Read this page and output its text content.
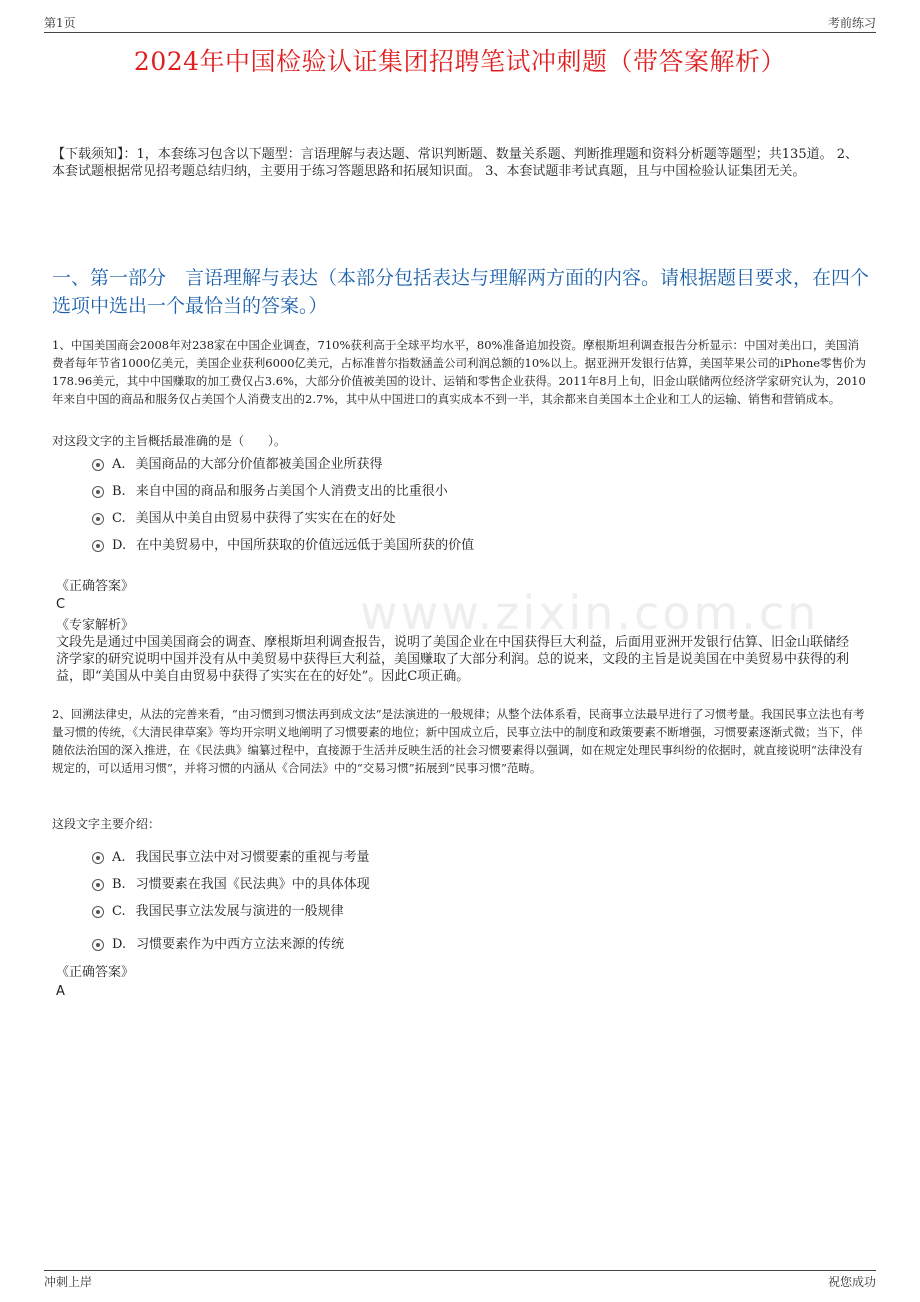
第1页	考前练习
2024年中国检验认证集团招聘笔试冲刺题（带答案解析）
【下载须知】：1，本套练习包含以下题型：言语理解与表达题、常识判断题、数量关系题、判断推理题和资料分析题等题型；共135道。 2、本套试题根据常见招考题总结归纳，主要用于练习答题思路和拓展知识面。 3、本套试题非考试真题，且与中国检验认证集团无关。
一、第一部分　言语理解与表达（本部分包括表达与理解两方面的内容。请根据题目要求，在四个选项中选出一个最恰当的答案。）
www.zixin.com.cn
1、中国美国商会2008年对238家在中国企业调查，710%获利高于全球平均水平，80%准备追加投资。摩根斯坦利调查报告分析显示：中国对美出口，美国消费者每年节省1000亿美元，美国企业获利6000亿美元，占标准普尔指数涵盖公司利润总额的10%以上。据亚洲开发银行估算，美国苹果公司的iPhone零售价为178.96美元，其中中国赚取的加工费仅占3.6%，大部分价值被美国的设计、运销和零售企业获得。2011年8月上旬，旧金山联储两位经济学家研究认为，2010年来自中国的商品和服务仅占美国个人消费支出的2.7%，其中从中国进口的真实成本不到一半，其余都来自美国本土企业和工人的运输、销售和营销成本。
对这段文字的主旨概括最准确的是（　　）。
A. 美国商品的大部分价值都被美国企业所获得
B. 来自中国的商品和服务占美国个人消费支出的比重很小
C. 美国从中美自由贸易中获得了实实在在的好处
D. 在中美贸易中，中国所获取的价值远远低于美国所获的价值
《正确答案》
C
《专家解析》
文段先是通过中国美国商会的调查、摩根斯坦利调查报告，说明了美国企业在中国获得巨大利益，后面用亚洲开发银行估算、旧金山联储经济学家的研究说明中国并没有从中美贸易中获得巨大利益，美国赚取了大部分利润。总的说来，文段的主旨是说美国在中美贸易中获得的利益，即“美国从中美自由贸易中获得了实实在在的好处”。因此C项正确。
2、回溯法律史，从法的完善来看，“由习惯到习惯法再到成文法”是法演进的一般规律；从整个法体系看，民商事立法最早进行了习惯考量。我国民事立法也有考量习惯的传统，《大清民律草案》等均开宗明义地阐明了习惯要素的地位；新中国成立后，民事立法中的制度和政策要素不断增强，习惯要素逐渐式微；当下，伴随依法治国的深入推进，在《民法典》编纂过程中，直接源于生活并反映生活的社会习惯要素得以强调，如在规定处理民事纠纷的依据时，就直接说明“法律没有规定的，可以适用习惯”，并将习惯的内涵从《合同法》中的“交易习惯”拓展到“民事习惯”范畴。
这段文字主要介绍：
A. 我国民事立法中对习惯要素的重视与考量
B. 习惯要素在我国《民法典》中的具体体现
C. 我国民事立法发展与演进的一般规律
D. 习惯要素作为中西方立法来源的传统
《正确答案》
A
冲刺上岸	祝您成功
